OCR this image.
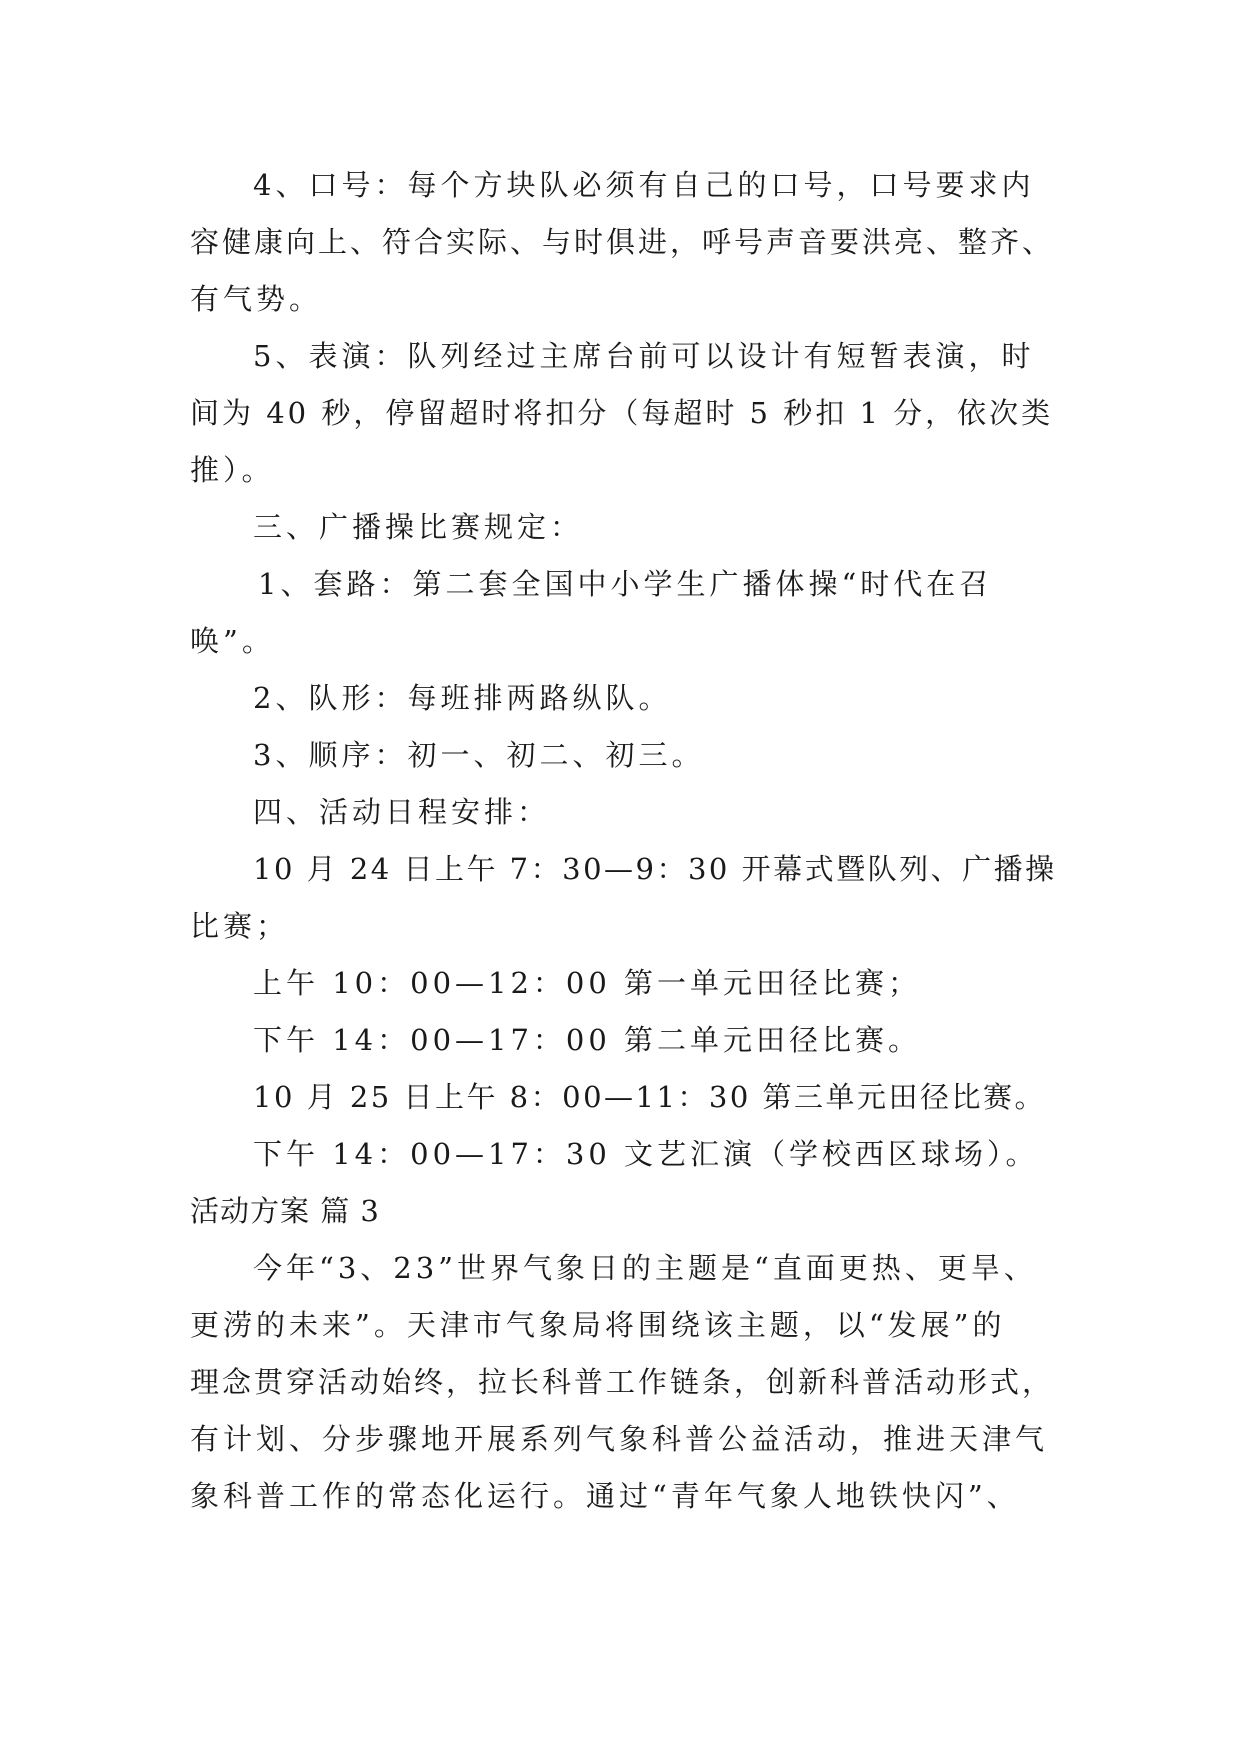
4、口号：每个方块队必须有自己的口号，口号要求内
容健康向上、符合实际、与时俱进，呼号声音要洪亮、整齐、
有气势。
5、表演：队列经过主席台前可以设计有短暂表演，时
间为 40 秒，停留超时将扣分（每超时 5 秒扣 1 分，依次类
推）。
三、广播操比赛规定：
1、套路：第二套全国中小学生广播体操“时代在召
唤”。
2、队形：每班排两路纵队。
3、顺序：初一、初二、初三。
四、活动日程安排：
10 月 24 日上午 7：30—9：30 开幕式暨队列、广播操
比赛；
上午 10：00—12：00 第一单元田径比赛；
下午 14：00—17：00 第二单元田径比赛。
10 月 25 日上午 8：00—11：30 第三单元田径比赛。
下午 14：00—17：30 文艺汇演（学校西区球场）。
活动方案 篇 3
今年“3、23”世界气象日的主题是“直面更热、更旱、
更涝的未来”。天津市气象局将围绕该主题，以“发展”的
理念贯穿活动始终，拉长科普工作链条，创新科普活动形式，
有计划、分步骤地开展系列气象科普公益活动，推进天津气
象科普工作的常态化运行。通过“青年气象人地铁快闪”、
